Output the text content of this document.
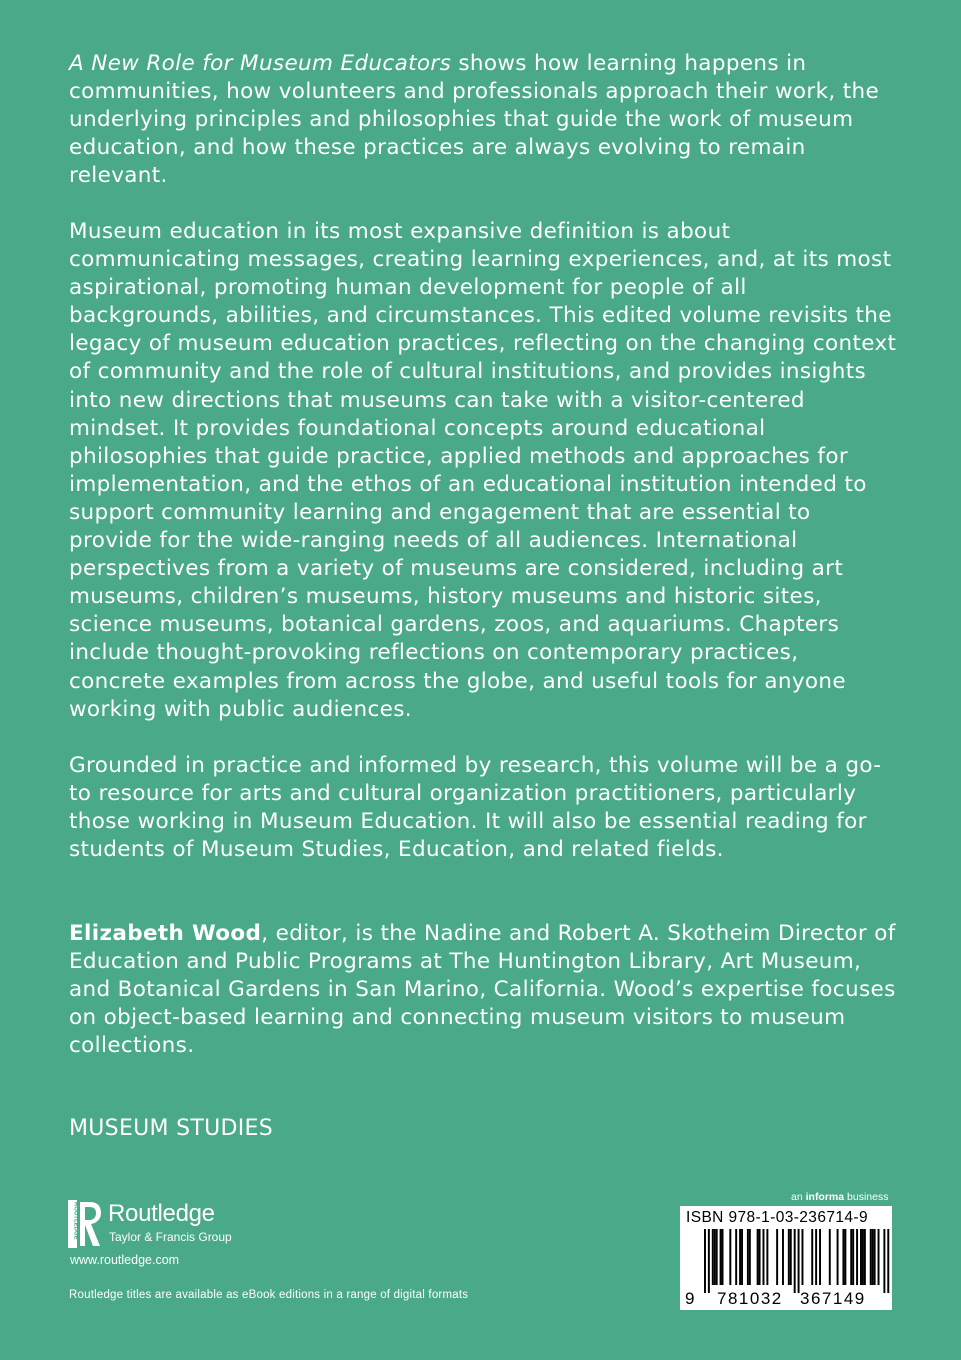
A New Role for Museum Educators shows how learning happens in communities, how volunteers and professionals approach their work, the underlying principles and philosophies that guide the work of museum education, and how these practices are always evolving to remain relevant.

Museum education in its most expansive definition is about communicating messages, creating learning experiences, and, at its most aspirational, promoting human development for people of all backgrounds, abilities, and circumstances. This edited volume revisits the legacy of museum education practices, reflecting on the changing context of community and the role of cultural institutions, and provides insights into new directions that museums can take with a visitor-centered mindset. It provides foundational concepts around educational philosophies that guide practice, applied methods and approaches for implementation, and the ethos of an educational institution intended to support community learning and engagement that are essential to provide for the wide-ranging needs of all audiences. International perspectives from a variety of museums are considered, including art museums, children’s museums, history museums and historic sites, science museums, botanical gardens, zoos, and aquariums. Chapters include thought-provoking reflections on contemporary practices, concrete examples from across the globe, and useful tools for anyone working with public audiences.

Grounded in practice and informed by research, this volume will be a go-to resource for arts and cultural organization practitioners, particularly those working in Museum Education. It will also be essential reading for students of Museum Studies, Education, and related fields.

Elizabeth Wood, editor, is the Nadine and Robert A. Skotheim Director of Education and Public Programs at The Huntington Library, Art Museum, and Botanical Gardens in San Marino, California. Wood’s expertise focuses on object-based learning and connecting museum visitors to museum collections.

MUSEUM STUDIES
ROUTLEDGE Routledge
Taylor & Francis Group
www.routledge.com
Routledge titles are available as eBook editions in a range of digital formats
an informa business
ISBN 978-1-03-236714-9
9 781032 367149
